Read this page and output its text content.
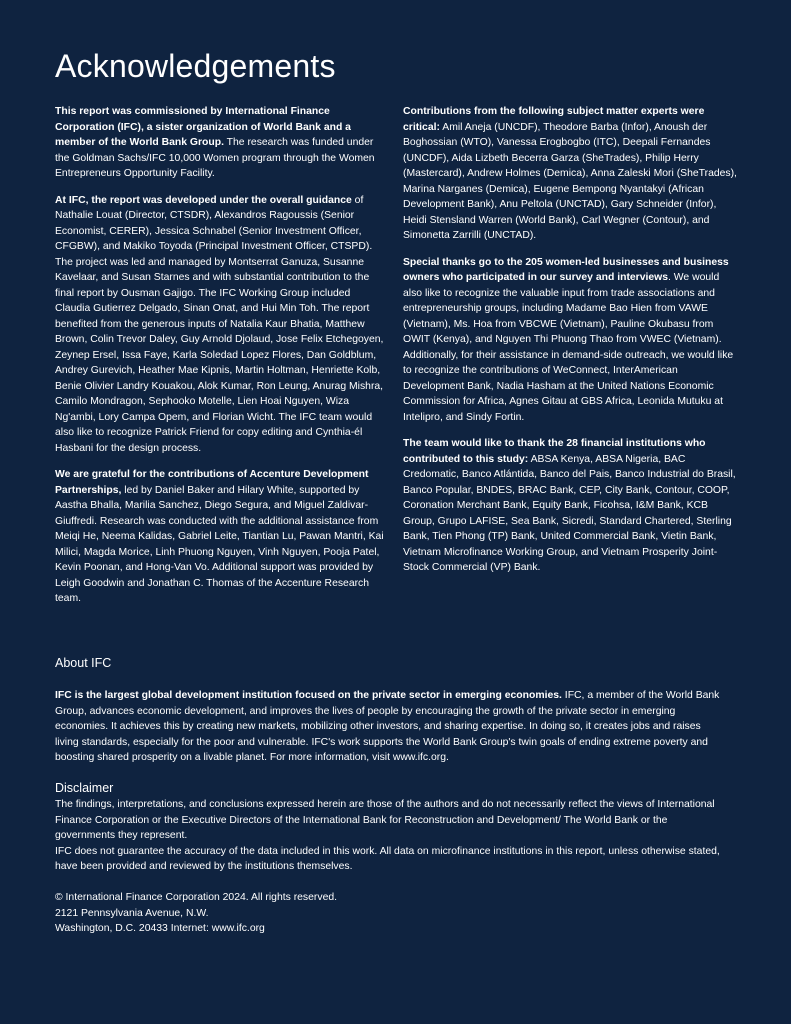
Acknowledgements

This report was commissioned by International Finance Corporation (IFC), a sister organization of World Bank and a member of the World Bank Group. The research was funded under the Goldman Sachs/IFC 10,000 Women program through the Women Entrepreneurs Opportunity Facility.

At IFC, the report was developed under the overall guidance of Nathalie Louat (Director, CTSDR), Alexandros Ragoussis (Senior Economist, CERER), Jessica Schnabel (Senior Investment Officer, CFGBW), and Makiko Toyoda (Principal Investment Officer, CTSPD). The project was led and managed by Montserrat Ganuza, Susanne Kavelaar, and Susan Starnes and with substantial contribution to the final report by Ousman Gajigo. The IFC Working Group included Claudia Gutierrez Delgado, Sinan Onat, and Hui Min Toh. The report benefited from the generous inputs of Natalia Kaur Bhatia, Matthew Brown, Colin Trevor Daley, Guy Arnold Djolaud, Jose Felix Etchegoyen, Zeynep Ersel, Issa Faye, Karla Soledad Lopez Flores, Dan Goldblum, Andrey Gurevich, Heather Mae Kipnis, Martin Holtman, Henriette Kolb, Benie Olivier Landry Kouakou, Alok Kumar, Ron Leung, Anurag Mishra, Camilo Mondragon, Sephooko Motelle, Lien Hoai Nguyen, Wiza Ng'ambi, Lory Campa Opem, and Florian Wicht. The IFC team would also like to recognize Patrick Friend for copy editing and Cynthia-él Hasbani for the design process.

We are grateful for the contributions of Accenture Development Partnerships, led by Daniel Baker and Hilary White, supported by Aastha Bhalla, Marilia Sanchez, Diego Segura, and Miguel Zaldivar-Giuffredi. Research was conducted with the additional assistance from Meiqi He, Neema Kalidas, Gabriel Leite, Tiantian Lu, Pawan Mantri, Kai Milici, Magda Morice, Linh Phuong Nguyen, Vinh Nguyen, Pooja Patel, Kevin Poonan, and Hong-Van Vo. Additional support was provided by Leigh Goodwin and Jonathan C. Thomas of the Accenture Research team.

Contributions from the following subject matter experts were critical: Amil Aneja (UNCDF), Theodore Barba (Infor), Anoush der Boghossian (WTO), Vanessa Erogbogbo (ITC), Deepali Fernandes (UNCDF), Aida Lizbeth Becerra Garza (SheTrades), Philip Herry (Mastercard), Andrew Holmes (Demica), Anna Zaleski Mori (SheTrades), Marina Narganes (Demica), Eugene Bempong Nyantakyi (African Development Bank), Anu Peltola (UNCTAD), Gary Schneider (Infor), Heidi Stensland Warren (World Bank), Carl Wegner (Contour), and Simonetta Zarrilli (UNCTAD).

Special thanks go to the 205 women-led businesses and business owners who participated in our survey and interviews. We would also like to recognize the valuable input from trade associations and entrepreneurship groups, including Madame Bao Hien from VAWE (Vietnam), Ms. Hoa from VBCWE (Vietnam), Pauline Okubasu from OWIT (Kenya), and Nguyen Thi Phuong Thao from VWEC (Vietnam). Additionally, for their assistance in demand-side outreach, we would like to recognize the contributions of WeConnect, InterAmerican Development Bank, Nadia Hasham at the United Nations Economic Commission for Africa, Agnes Gitau at GBS Africa, Leonida Mutuku at Intelipro, and Sindy Fortin.

The team would like to thank the 28 financial institutions who contributed to this study: ABSA Kenya, ABSA Nigeria, BAC Credomatic, Banco Atlántida, Banco del Pais, Banco Industrial do Brasil, Banco Popular, BNDES, BRAC Bank, CEP, City Bank, Contour, COOP, Coronation Merchant Bank, Equity Bank, Ficohsa, I&M Bank, KCB Group, Grupo LAFISE, Sea Bank, Sicredi, Standard Chartered, Sterling Bank, Tien Phong (TP) Bank, United Commercial Bank, Vietin Bank, Vietnam Microfinance Working Group, and Vietnam Prosperity Joint-Stock Commercial (VP) Bank.

About IFC

IFC is the largest global development institution focused on the private sector in emerging economies. IFC, a member of the World Bank Group, advances economic development, and improves the lives of people by encouraging the growth of the private sector in emerging economies. It achieves this by creating new markets, mobilizing other investors, and sharing expertise. In doing so, it creates jobs and raises living standards, especially for the poor and vulnerable. IFC's work supports the World Bank Group's twin goals of ending extreme poverty and boosting shared prosperity on a livable planet. For more information, visit www.ifc.org.

Disclaimer

The findings, interpretations, and conclusions expressed herein are those of the authors and do not necessarily reflect the views of International Finance Corporation or the Executive Directors of the International Bank for Reconstruction and Development/ The World Bank or the governments they represent.

IFC does not guarantee the accuracy of the data included in this work. All data on microfinance institutions in this report, unless otherwise stated, have been provided and reviewed by the institutions themselves.

© International Finance Corporation 2024. All rights reserved.
2121 Pennsylvania Avenue, N.W.
Washington, D.C. 20433 Internet: www.ifc.org
